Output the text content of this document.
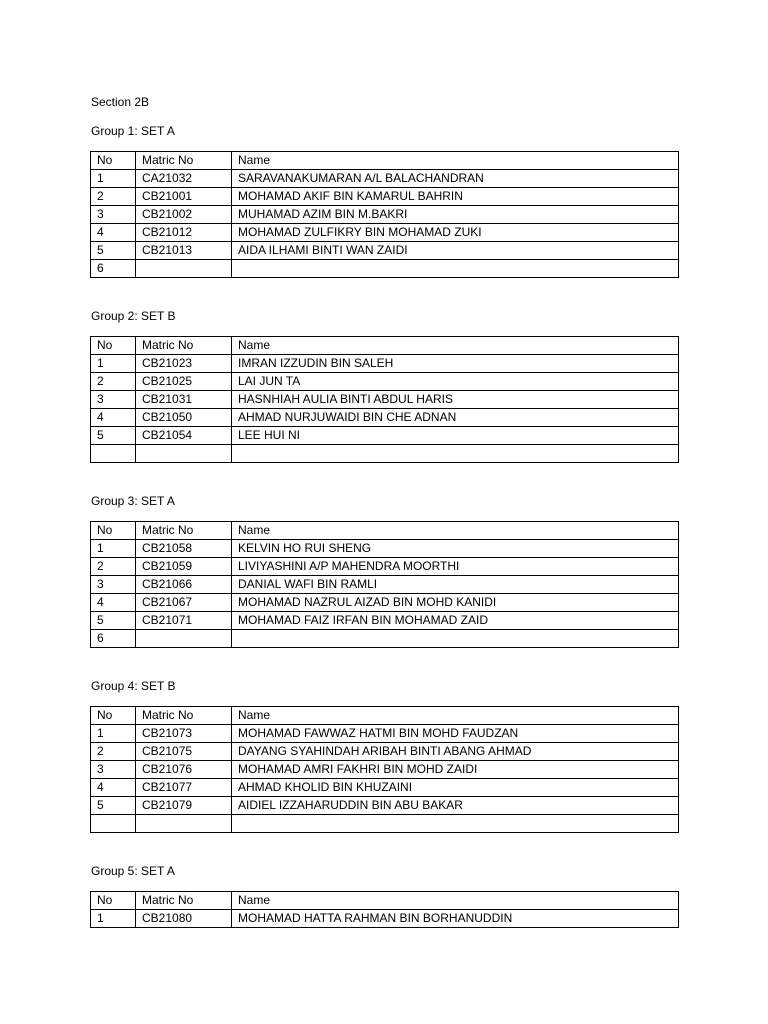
Section 2B
Group 1: SET A
No	Matric No	Name
1	CA21032	SARAVANAKUMARAN A/L BALACHANDRAN
2	CB21001	MOHAMAD AKIF BIN KAMARUL BAHRIN
3	CB21002	MUHAMAD AZIM BIN M.BAKRI
4	CB21012	MOHAMAD ZULFIKRY BIN MOHAMAD ZUKI
5	CB21013	AIDA ILHAMI BINTI WAN ZAIDI
6		
Group 2: SET B
No	Matric No	Name
1	CB21023	IMRAN IZZUDIN BIN SALEH
2	CB21025	LAI JUN TA
3	CB21031	HASNHIAH AULIA BINTI ABDUL HARIS
4	CB21050	AHMAD NURJUWAIDI BIN CHE ADNAN
5	CB21054	LEE HUI NI

Group 3: SET A
No	Matric No	Name
1	CB21058	KELVIN HO RUI SHENG
2	CB21059	LIVIYASHINI A/P MAHENDRA MOORTHI
3	CB21066	DANIAL WAFI BIN RAMLI
4	CB21067	MOHAMAD NAZRUL AIZAD BIN MOHD KANIDI
5	CB21071	MOHAMAD FAIZ IRFAN BIN MOHAMAD ZAID
6		
Group 4: SET B
No	Matric No	Name
1	CB21073	MOHAMAD FAWWAZ HATMI BIN MOHD FAUDZAN
2	CB21075	DAYANG SYAHINDAH ARIBAH BINTI ABANG AHMAD
3	CB21076	MOHAMAD AMRI FAKHRI BIN MOHD ZAIDI
4	CB21077	AHMAD KHOLID BIN KHUZAINI
5	CB21079	AIDIEL IZZAHARUDDIN BIN ABU BAKAR

Group 5: SET A
No	Matric No	Name
1	CB21080	MOHAMAD HATTA RAHMAN BIN BORHANUDDIN
